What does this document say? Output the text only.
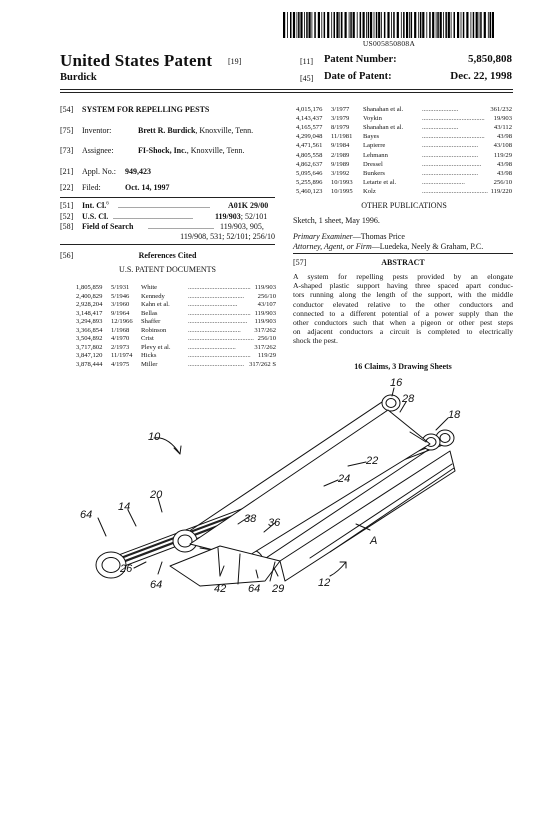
US005850808A
United States Patent [19]
Burdick
[11] Patent Number:	5,850,808
[45] Date of Patent:	Dec. 22, 1998
[54] SYSTEM FOR REPELLING PESTS
[75] Inventor:	Brett R. Burdick, Knoxville, Tenn.
[73] Assignee:	FI-Shock, Inc., Knoxville, Tenn.
[21] Appl. No.: 949,423
[22] Filed:	Oct. 14, 1997
[51] Int. Cl.$^6$ ..............................................	A01K 29/00
[52] U.S. Cl. ........................................	119/903; 52/101
[58] Field of Search ................................. 119/903, 905,
119/908, 531; 52/101; 256/10
[56]	References Cited
U.S. PATENT DOCUMENTS
1,805,859 5/1931 White	...................................... 119/903
2,400,829 5/1946 Kennedy	.................................. 256/10
2,928,204 3/1960 Kahn et al.	..............................	43/107
3,148,417 9/1964 Bellas	...................................... 119/903
3,294,893 12/1966 Shaffer	.................................... 119/903
3,366,854 1/1968 Robinson	................................	317/262
3,504,892 4/1970 Crist	........................................ 256/10
3,717,802 2/1973 Plevy et al.	.............................	317/262
3,847,120 11/1974 Hicks	...................................... 119/29
3,878,444 4/1975 Miller	.................................. 317/262 S
4,015,176 3/1977 Shanahan et al.	......................	361/232
4,143,437 3/1979 Voykin	...................................... 19/903
4,165,577 8/1979 Shanahan et al.	......................	43/112
4,299,048 11/1981 Bayes	...................................... 43/98
4,471,561 9/1984 Lapierre	..................................	43/108
4,805,558 2/1989 Lehmann	..................................	119/29
4,862,637 9/1989 Dressel	.................................... 43/98
5,095,646 3/1992 Bunkers	..................................	43/98
5,255,896 10/1993 Letarte et al.	..........................	256/10
5,460,123 10/1995 Kolz	........................................ 119/220
OTHER PUBLICATIONS
Sketch, 1 sheet, May 1996.
Primary Examiner—Thomas Price
Attorney, Agent, or Firm—Luedeka, Neely & Graham, P.C.
[57]	ABSTRACT
A system for repelling pests provided by an elongate
A-shaped plastic support having three spaced apart conduc-
tors running along the length of the support, with the middle
conductor elevated relative to the other conductors and
connected to a different potential of a power supply than the
other conductors such that when a pigeon or other pest steps
on adjacent conductors a circuit is completed to electrically
shock the pest.
16 Claims, 3 Drawing Sheets
10
16
28
18
22
24
20
14
64	38 36
A
26
64	42 64 29	12
